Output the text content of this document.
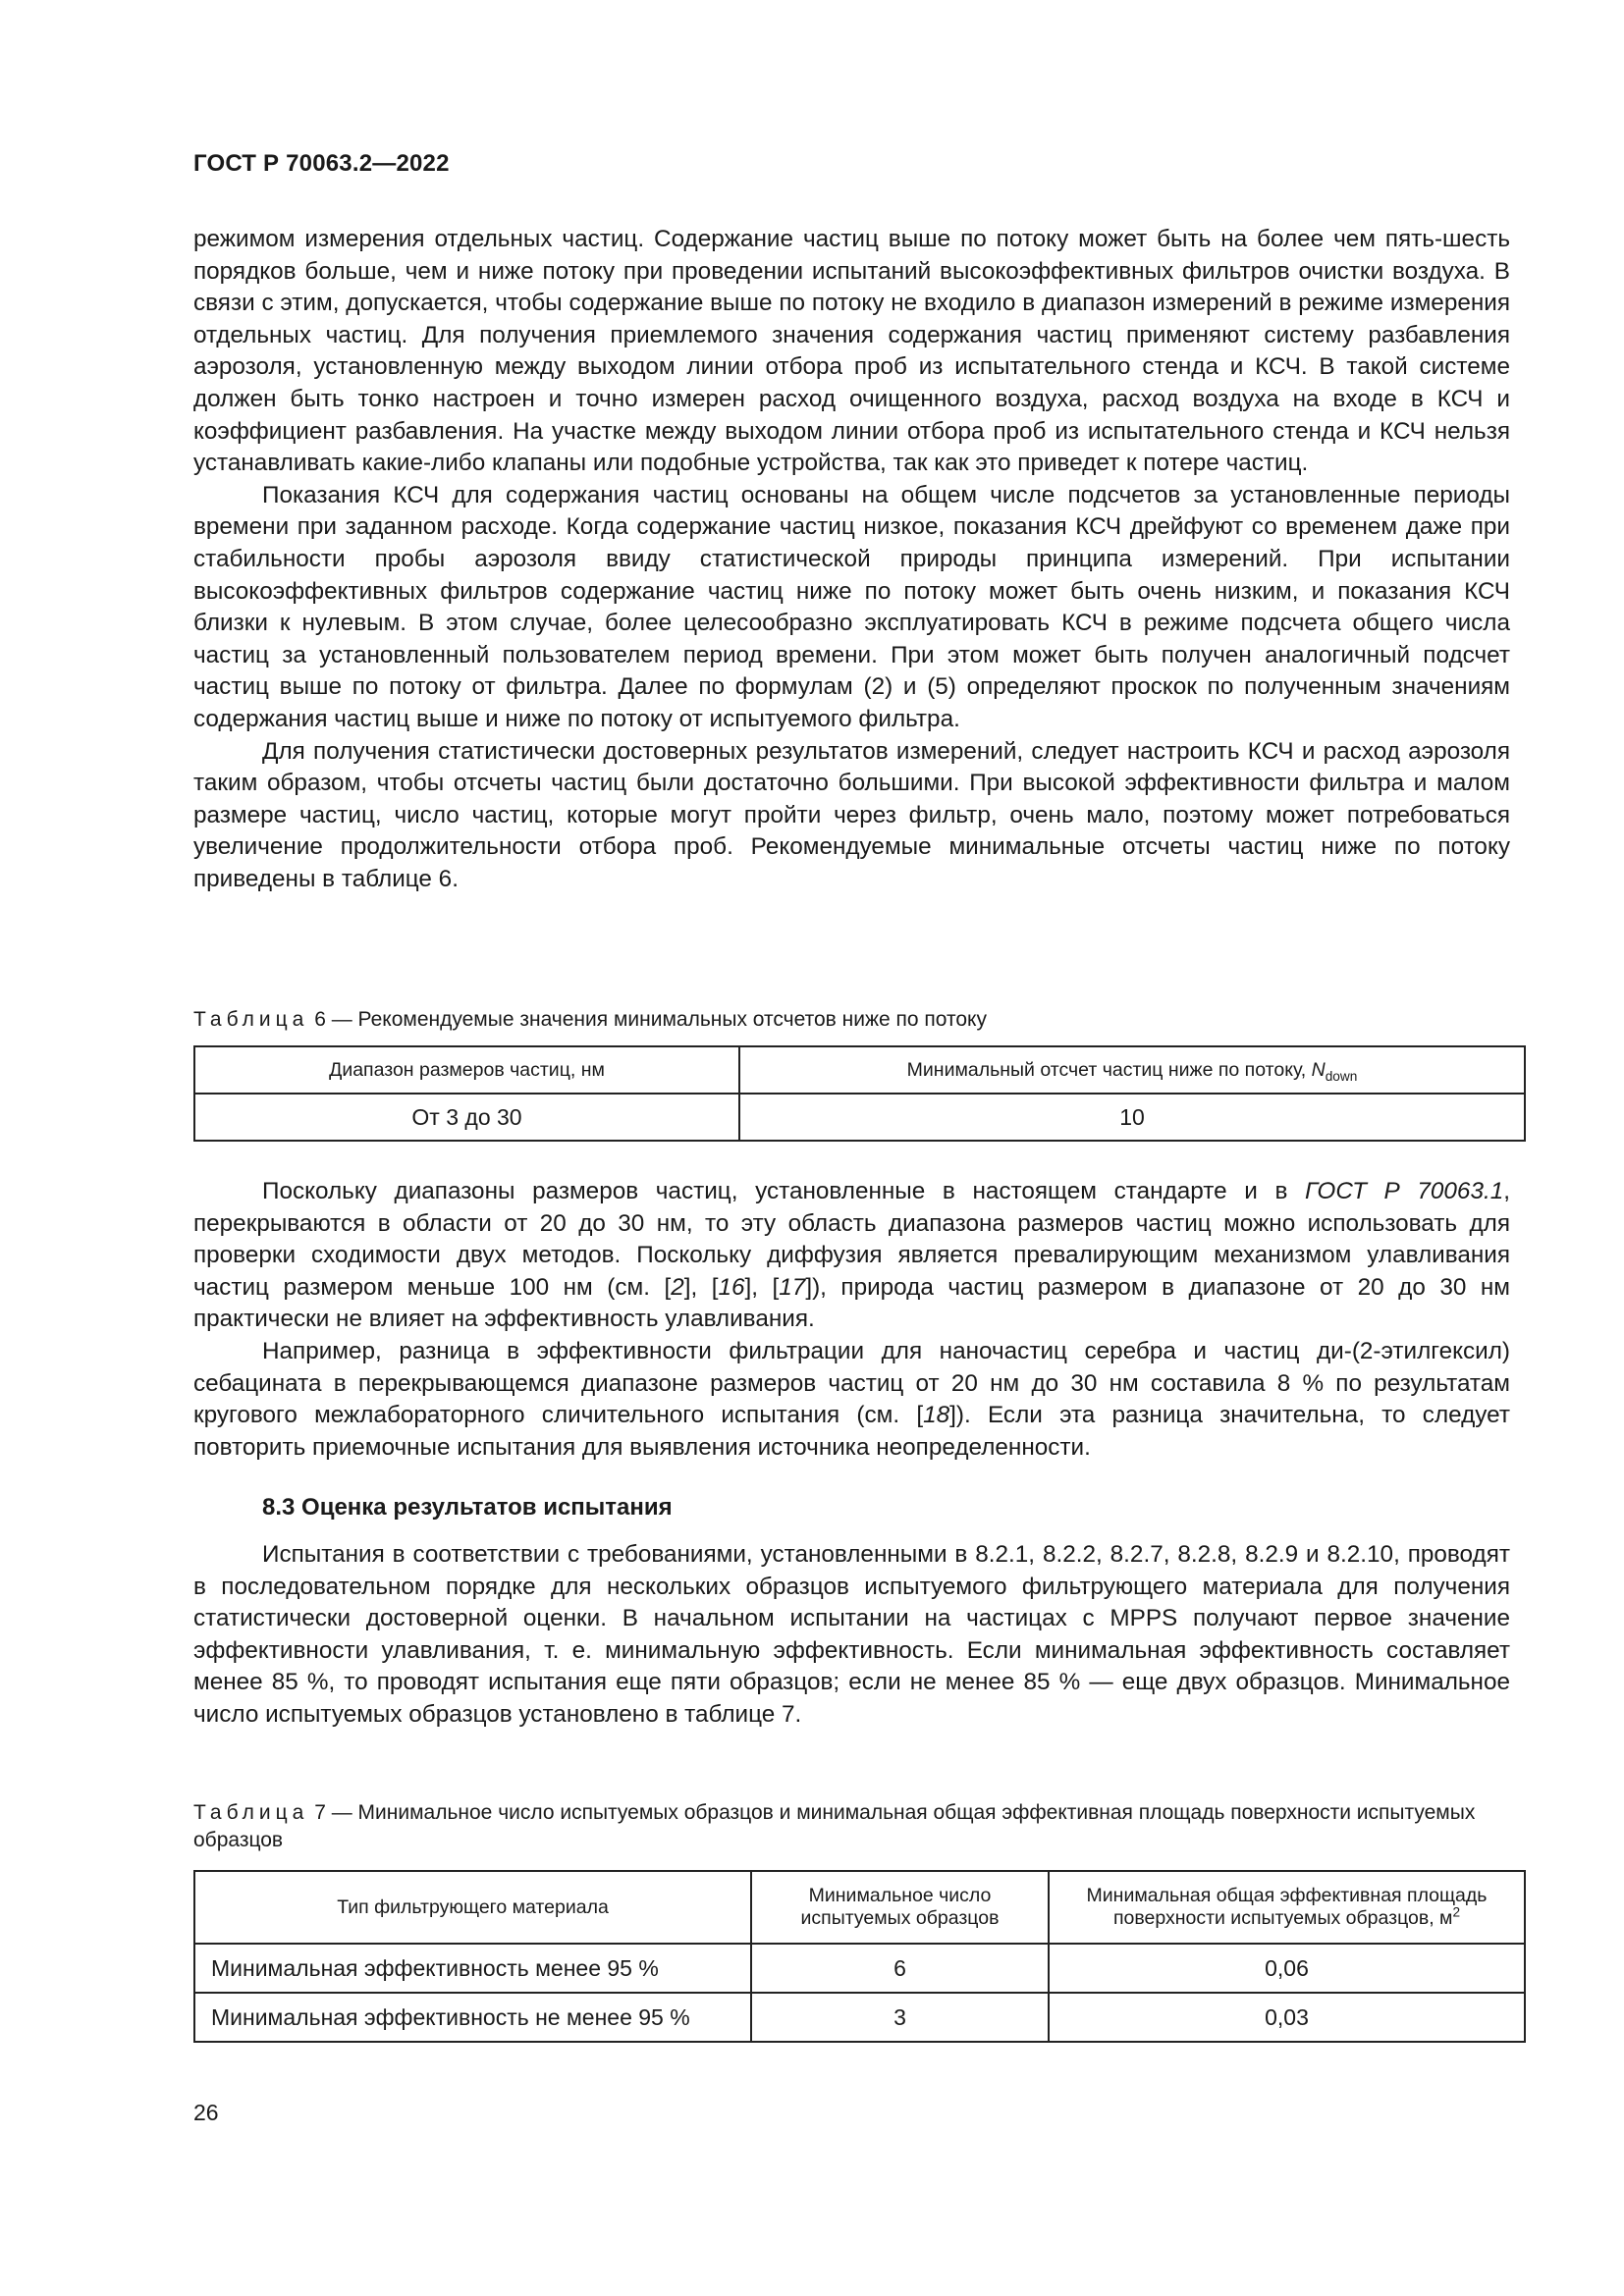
ГОСТ Р 70063.2—2022

режимом измерения отдельных частиц. Содержание частиц выше по потоку может быть на более чем пять-шесть порядков больше, чем и ниже потоку при проведении испытаний высокоэффективных фильтров очистки воздуха. В связи с этим, допускается, чтобы содержание выше по потоку не входило в диапазон измерений в режиме измерения отдельных частиц. Для получения приемлемого значения содержания частиц применяют систему разбавления аэрозоля, установленную между выходом линии отбора проб из испытательного стенда и КСЧ. В такой системе должен быть тонко настроен и точно измерен расход очищенного воздуха, расход воздуха на входе в КСЧ и коэффициент разбавления. На участке между выходом линии отбора проб из испытательного стенда и КСЧ нельзя устанавливать какие-либо клапаны или подобные устройства, так как это приведет к потере частиц.

Показания КСЧ для содержания частиц основаны на общем числе подсчетов за установленные периоды времени при заданном расходе. Когда содержание частиц низкое, показания КСЧ дрейфуют со временем даже при стабильности пробы аэрозоля ввиду статистической природы принципа измерений. При испытании высокоэффективных фильтров содержание частиц ниже по потоку может быть очень низким, и показания КСЧ близки к нулевым. В этом случае, более целесообразно эксплуатировать КСЧ в режиме подсчета общего числа частиц за установленный пользователем период времени. При этом может быть получен аналогичный подсчет частиц выше по потоку от фильтра. Далее по формулам (2) и (5) определяют проскок по полученным значениям содержания частиц выше и ниже по потоку от испытуемого фильтра.

Для получения статистически достоверных результатов измерений, следует настроить КСЧ и расход аэрозоля таким образом, чтобы отсчеты частиц были достаточно большими. При высокой эффективности фильтра и малом размере частиц, число частиц, которые могут пройти через фильтр, очень мало, поэтому может потребоваться увеличение продолжительности отбора проб. Рекомендуемые минимальные отсчеты частиц ниже по потоку приведены в таблице 6.

Таблица 6 — Рекомендуемые значения минимальных отсчетов ниже по потоку
Диапазон размеров частиц, нм	Минимальный отсчет частиц ниже по потоку, $N_{down}$
От 3 до 30	10

Поскольку диапазоны размеров частиц, установленные в настоящем стандарте и в ГОСТ Р 70063.1, перекрываются в области от 20 до 30 нм, то эту область диапазона размеров частиц можно использовать для проверки сходимости двух методов. Поскольку диффузия является превалирующим механизмом улавливания частиц размером меньше 100 нм (см. [2], [16], [17]), природа частиц размером в диапазоне от 20 до 30 нм практически не влияет на эффективность улавливания.

Например, разница в эффективности фильтрации для наночастиц серебра и частиц ди-(2-этилгексил) себацината в перекрывающемся диапазоне размеров частиц от 20 нм до 30 нм составила 8 % по результатам кругового межлабораторного сличительного испытания (см. [18]). Если эта разница значительна, то следует повторить приемочные испытания для выявления источника неопределенности.

8.3 Оценка результатов испытания

Испытания в соответствии с требованиями, установленными в 8.2.1, 8.2.2, 8.2.7, 8.2.8, 8.2.9 и 8.2.10, проводят в последовательном порядке для нескольких образцов испытуемого фильтрующего материала для получения статистически достоверной оценки. В начальном испытании на частицах с MPPS получают первое значение эффективности улавливания, т. е. минимальную эффективность. Если минимальная эффективность составляет менее 85 %, то проводят испытания еще пяти образцов; если не менее 85 % — еще двух образцов. Минимальное число испытуемых образцов установлено в таблице 7.

Таблица 7 — Минимальное число испытуемых образцов и минимальная общая эффективная площадь поверхности испытуемых образцов
Тип фильтрующего материала	Минимальное число испытуемых образцов	Минимальная общая эффективная площадь поверхности испытуемых образцов, $м^2$
Минимальная эффективность менее 95 %	6	0,06
Минимальная эффективность не менее 95 %	3	0,03
26
